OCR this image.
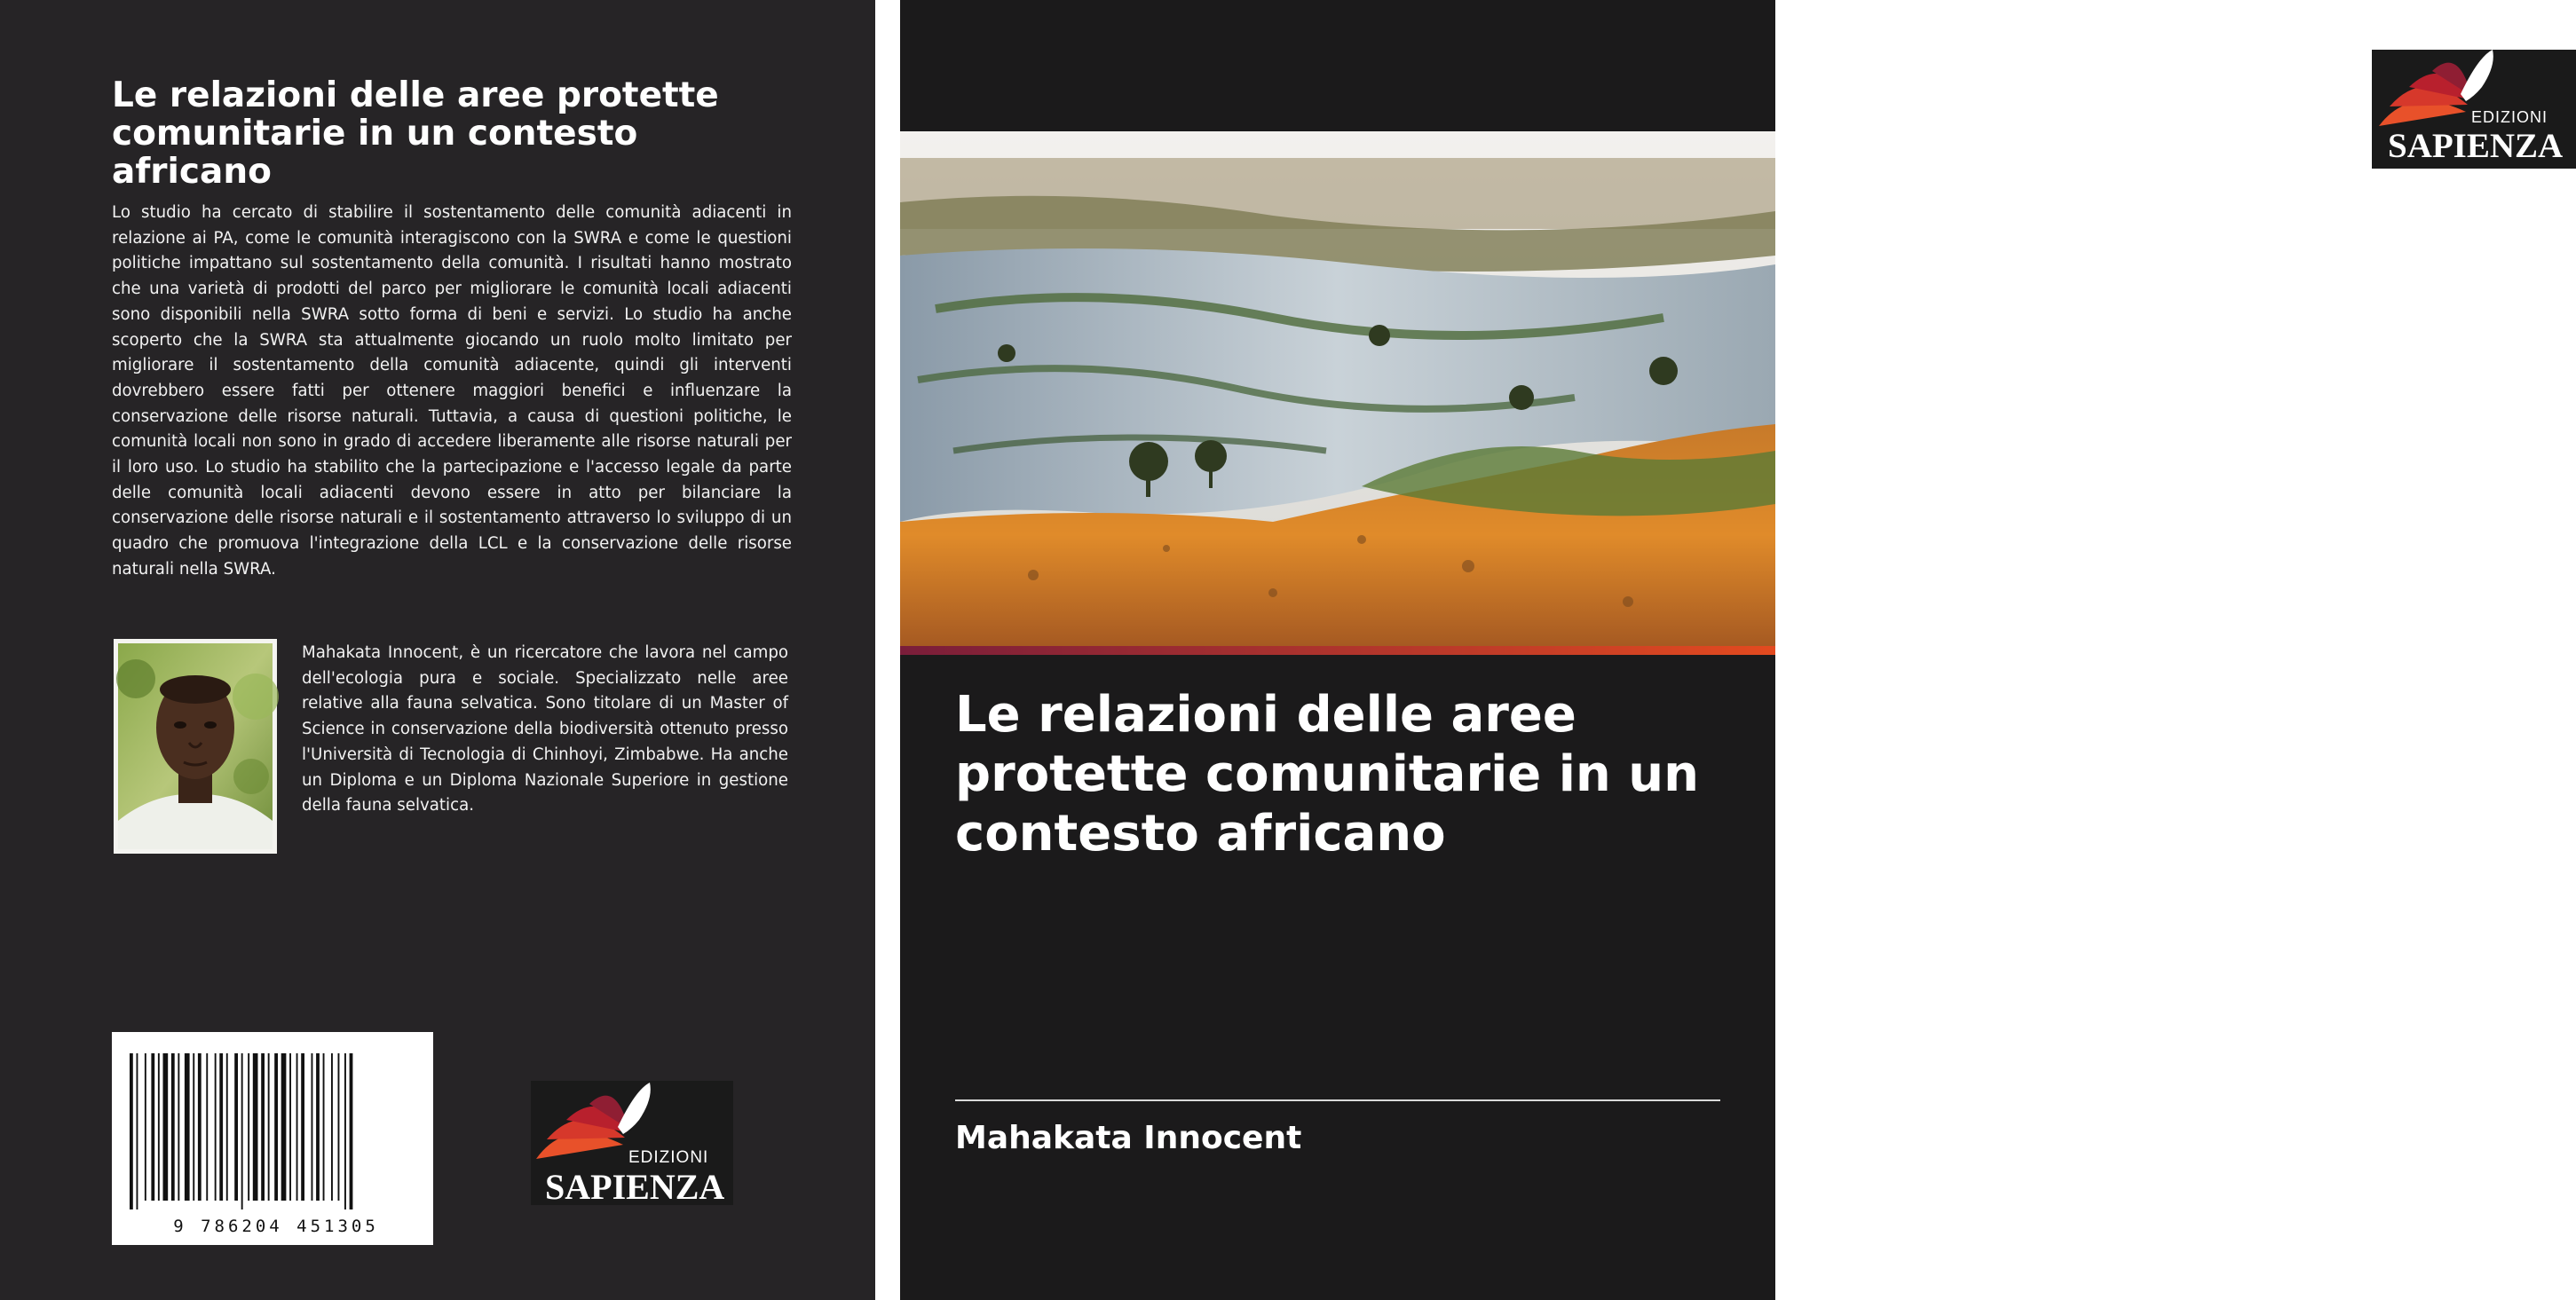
Le relazioni delle aree protette comunitarie in un contesto africano

Lo studio ha cercato di stabilire il sostentamento delle comunità adiacenti in relazione ai PA, come le comunità interagiscono con la SWRA e come le questioni politiche impattano sul sostentamento della comunità. I risultati hanno mostrato che una varietà di prodotti del parco per migliorare le comunità locali adiacenti sono disponibili nella SWRA sotto forma di beni e servizi. Lo studio ha anche scoperto che la SWRA sta attualmente giocando un ruolo molto limitato per migliorare il sostentamento della comunità adiacente, quindi gli interventi dovrebbero essere fatti per ottenere maggiori benefici e influenzare la conservazione delle risorse naturali. Tuttavia, a causa di questioni politiche, le comunità locali non sono in grado di accedere liberamente alle risorse naturali per il loro uso. Lo studio ha stabilito che la partecipazione e l'accesso legale da parte delle comunità locali adiacenti devono essere in atto per bilanciare la conservazione delle risorse naturali e il sostentamento attraverso lo sviluppo di un quadro che promuova l'integrazione della LCL e la conservazione delle risorse naturali nella SWRA.

Mahakata Innocent, è un ricercatore che lavora nel campo dell'ecologia pura e sociale. Specializzato nelle aree relative alla fauna selvatica. Sono titolare di un Master of Science in conservazione della biodiversità ottenuto presso l'Università di Tecnologia di Chinhoyi, Zimbabwe. Ha anche un Diploma e un Diploma Nazionale Superiore in gestione della fauna selvatica.

9 786204 451305
EDIZIONI
SAPIENZA
EDIZIONI
SAPIENZA
Le relazioni delle aree protette comunitarie in un contesto africano
Mahakata Innocent
